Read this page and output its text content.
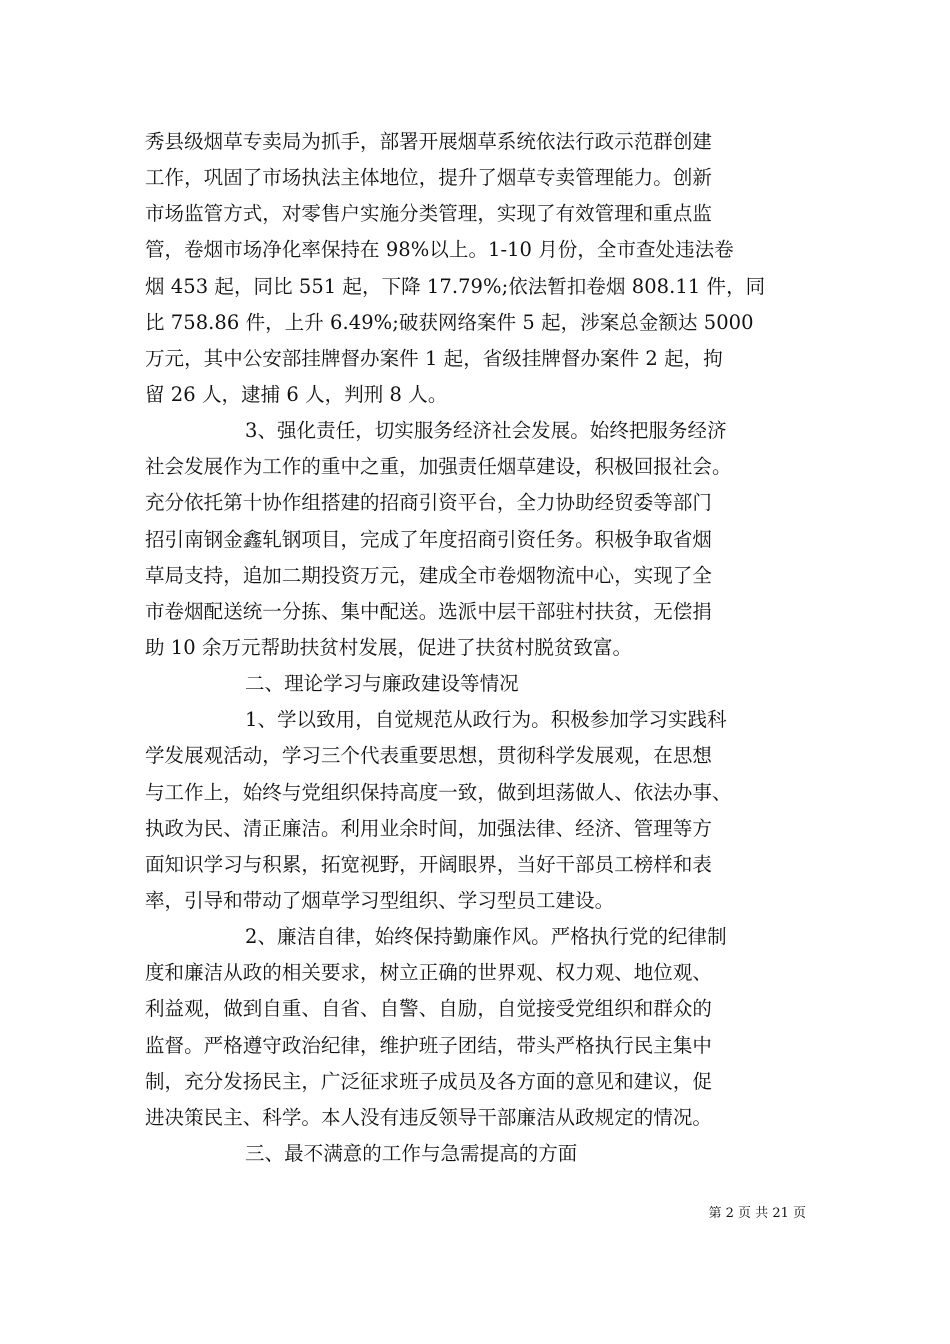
秀县级烟草专卖局为抓手，部署开展烟草系统依法行政示范群创建
工作，巩固了市场执法主体地位，提升了烟草专卖管理能力。创新
市场监管方式，对零售户实施分类管理，实现了有效管理和重点监
管，卷烟市场净化率保持在 98%以上。1-10 月份，全市查处违法卷
烟 453 起，同比 551 起，下降 17.79%;依法暂扣卷烟 808.11 件，同
比 758.86 件，上升 6.49%;破获网络案件 5 起，涉案总金额达 5000
万元，其中公安部挂牌督办案件 1 起，省级挂牌督办案件 2 起，拘
留 26 人，逮捕 6 人，判刑 8 人。
3、强化责任，切实服务经济社会发展。始终把服务经济
社会发展作为工作的重中之重，加强责任烟草建设，积极回报社会。
充分依托第十协作组搭建的招商引资平台，全力协助经贸委等部门
招引南钢金鑫轧钢项目，完成了年度招商引资任务。积极争取省烟
草局支持，追加二期投资万元，建成全市卷烟物流中心，实现了全
市卷烟配送统一分拣、集中配送。选派中层干部驻村扶贫，无偿捐
助 10 余万元帮助扶贫村发展，促进了扶贫村脱贫致富。
二、理论学习与廉政建设等情况
1、学以致用，自觉规范从政行为。积极参加学习实践科
学发展观活动，学习三个代表重要思想，贯彻科学发展观，在思想
与工作上，始终与党组织保持高度一致，做到坦荡做人、依法办事、
执政为民、清正廉洁。利用业余时间，加强法律、经济、管理等方
面知识学习与积累，拓宽视野，开阔眼界，当好干部员工榜样和表
率，引导和带动了烟草学习型组织、学习型员工建设。
2、廉洁自律，始终保持勤廉作风。严格执行党的纪律制
度和廉洁从政的相关要求，树立正确的世界观、权力观、地位观、
利益观，做到自重、自省、自警、自励，自觉接受党组织和群众的
监督。严格遵守政治纪律，维护班子团结，带头严格执行民主集中
制，充分发扬民主，广泛征求班子成员及各方面的意见和建议，促
进决策民主、科学。本人没有违反领导干部廉洁从政规定的情况。
三、最不满意的工作与急需提高的方面
第 2 页 共 21 页
